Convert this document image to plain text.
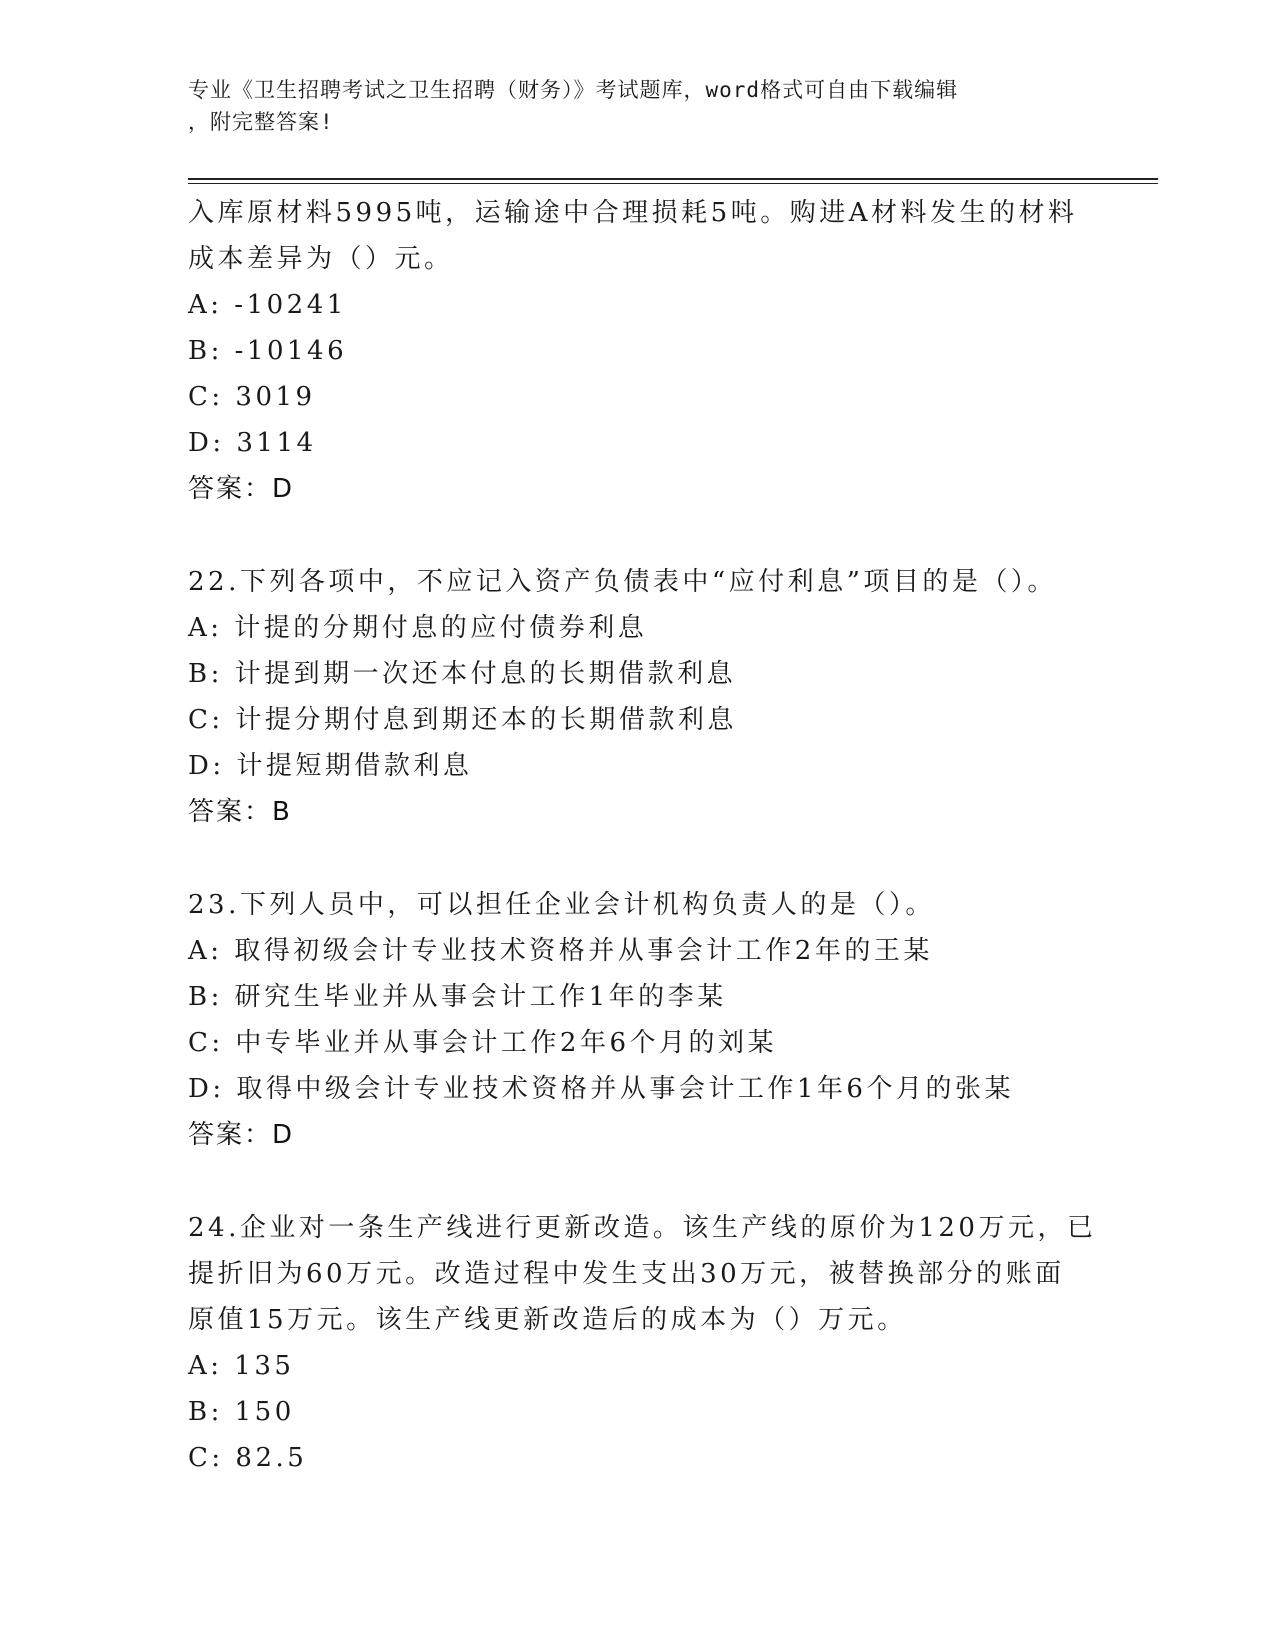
专业《卫生招聘考试之卫生招聘（财务）》考试题库，word格式可自由下载编辑
，附完整答案!
入库原材料5995吨，运输途中合理损耗5吨。购进A材料发生的材料
成本差异为（）元。
A: -10241
B: -10146
C: 3019
D: 3114
答案：D
22.下列各项中，不应记入资产负债表中“应付利息”项目的是（）。
A: 计提的分期付息的应付债券利息
B: 计提到期一次还本付息的长期借款利息
C: 计提分期付息到期还本的长期借款利息
D: 计提短期借款利息
答案：B
23.下列人员中，可以担任企业会计机构负责人的是（）。
A: 取得初级会计专业技术资格并从事会计工作2年的王某
B: 研究生毕业并从事会计工作1年的李某
C: 中专毕业并从事会计工作2年6个月的刘某
D: 取得中级会计专业技术资格并从事会计工作1年6个月的张某
答案：D
24.企业对一条生产线进行更新改造。该生产线的原价为120万元，已
提折旧为60万元。改造过程中发生支出30万元，被替换部分的账面
原值15万元。该生产线更新改造后的成本为（）万元。
A: 135
B: 150
C: 82.5
